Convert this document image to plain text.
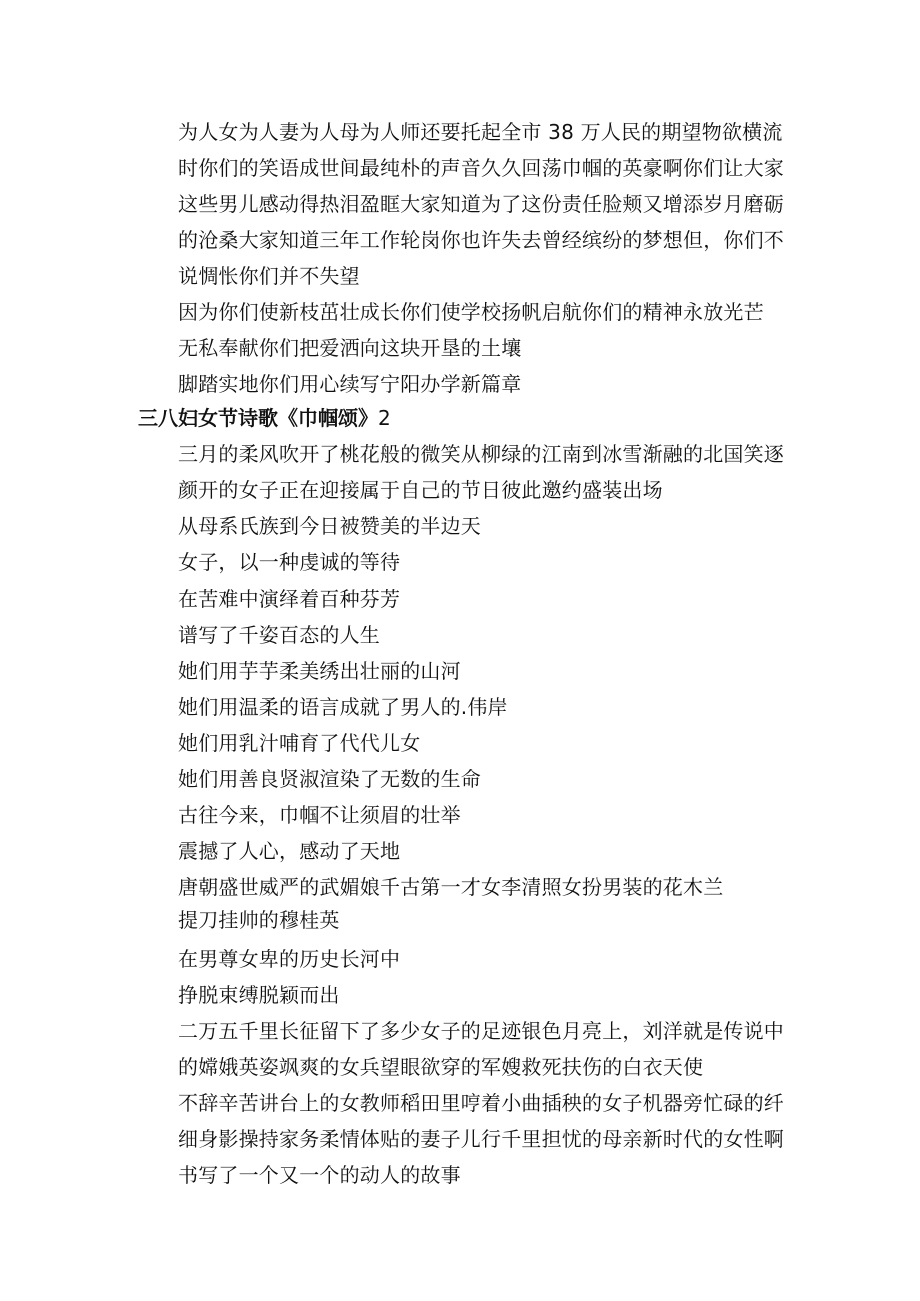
为人女为人妻为人母为人师还要托起全市 38 万人民的期望物欲横流
时你们的笑语成世间最纯朴的声音久久回荡巾帼的英豪啊你们让大家
这些男儿感动得热泪盈眶大家知道为了这份责任脸颊又增添岁月磨砺
的沧桑大家知道三年工作轮岗你也许失去曾经缤纷的梦想但，你们不
说惆怅你们并不失望
因为你们使新枝茁壮成长你们使学校扬帆启航你们的精神永放光芒
无私奉献你们把爱洒向这块开垦的土壤
脚踏实地你们用心续写宁阳办学新篇章
三八妇女节诗歌《巾帼颂》2
三月的柔风吹开了桃花般的微笑从柳绿的江南到冰雪渐融的北国笑逐
颜开的女子正在迎接属于自己的节日彼此邀约盛装出场
从母系氏族到今日被赞美的半边天
女子，以一种虔诚的等待
在苦难中演绎着百种芬芳
谱写了千姿百态的人生
她们用芋芋柔美绣出壮丽的山河
她们用温柔的语言成就了男人的.伟岸
她们用乳汁哺育了代代儿女
她们用善良贤淑渲染了无数的生命
古往今来，巾帼不让须眉的壮举
震撼了人心，感动了天地
唐朝盛世威严的武媚娘千古第一才女李清照女扮男装的花木兰
提刀挂帅的穆桂英
在男尊女卑的历史长河中
挣脱束缚脱颖而出
二万五千里长征留下了多少女子的足迹银色月亮上，刘洋就是传说中
的嫦娥英姿飒爽的女兵望眼欲穿的军嫂救死扶伤的白衣天使
不辞辛苦讲台上的女教师稻田里哼着小曲插秧的女子机器旁忙碌的纤
细身影操持家务柔情体贴的妻子儿行千里担忧的母亲新时代的女性啊
书写了一个又一个的动人的故事
